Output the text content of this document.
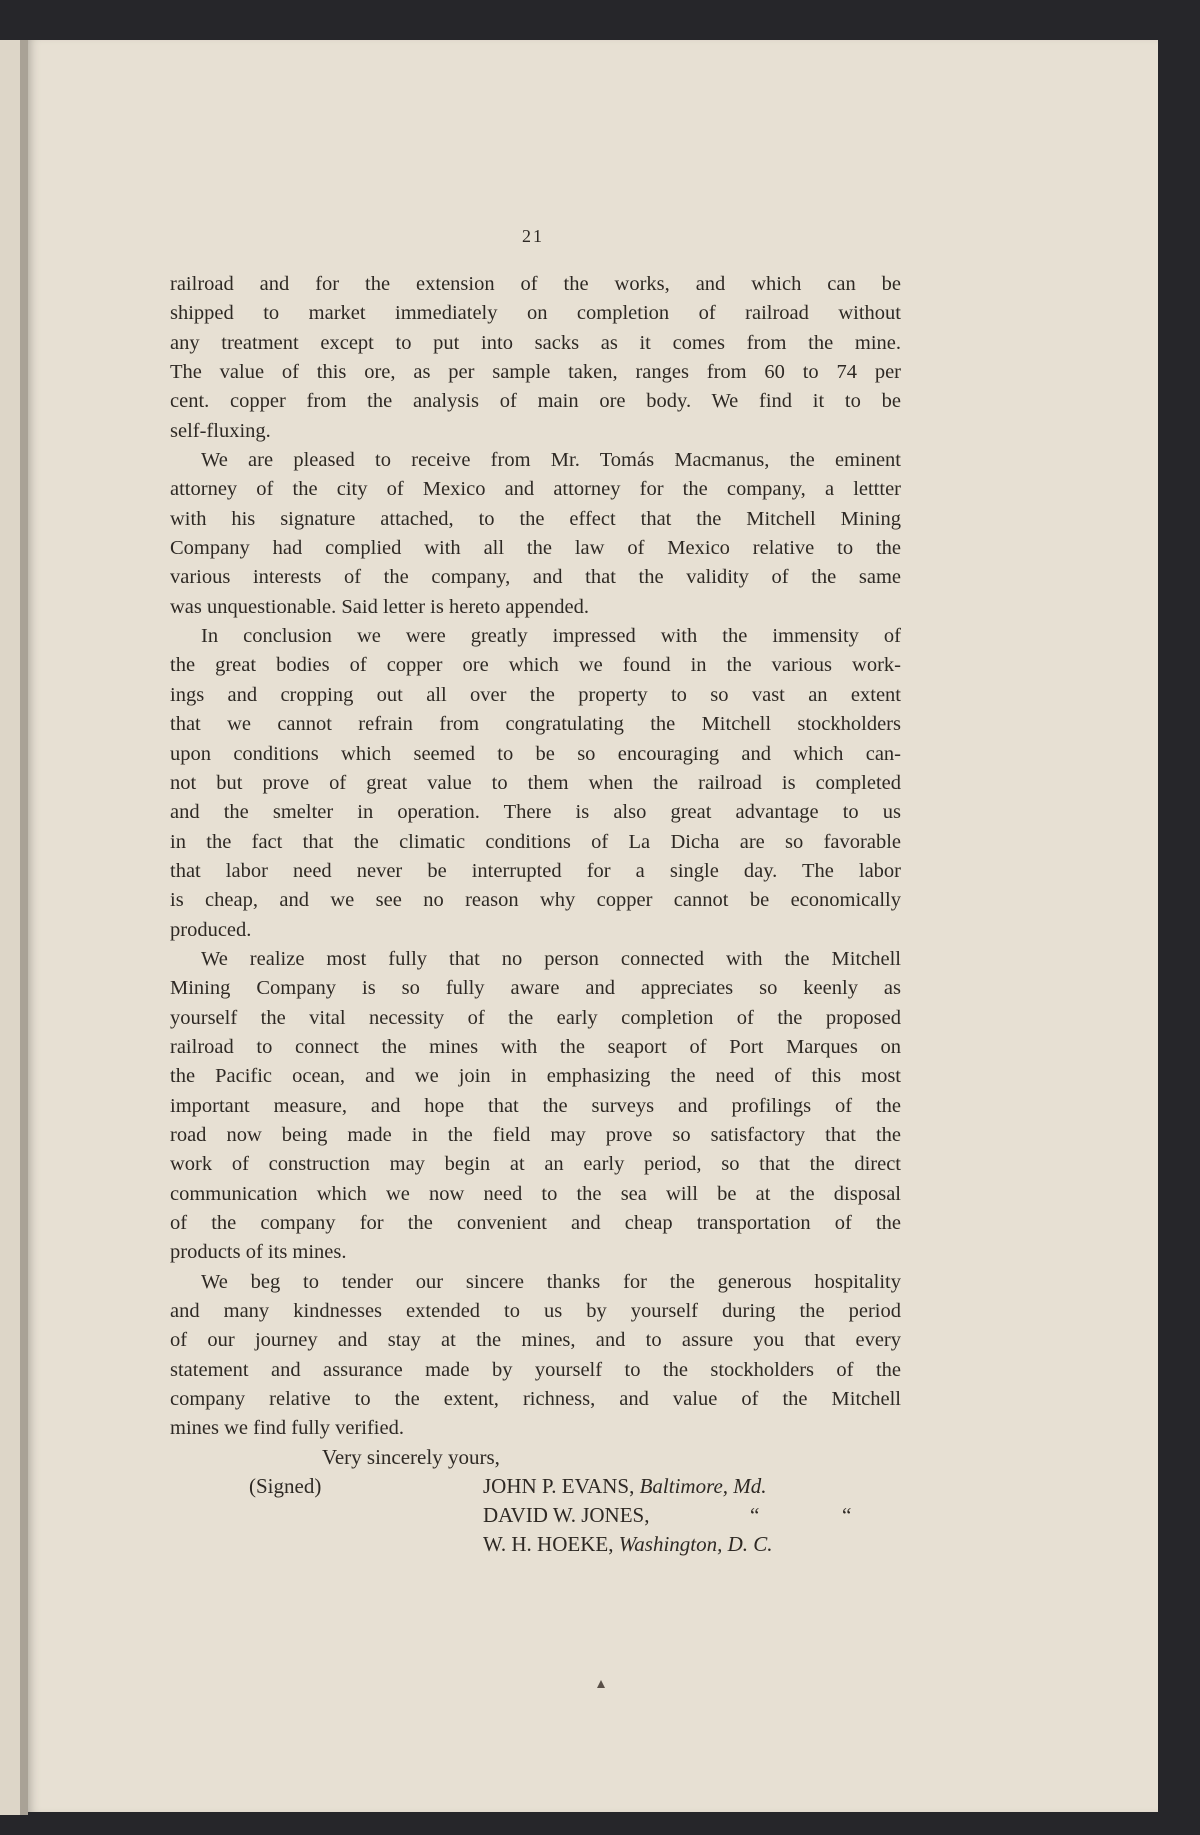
21
railroad and for the extension of the works, and which can be
shipped to market immediately on completion of railroad without
any treatment except to put into sacks as it comes from the mine.
The value of this ore, as per sample taken, ranges from 60 to 74 per
cent. copper from the analysis of main ore body. We find it to be
self-fluxing.
We are pleased to receive from Mr. Tomás Macmanus, the eminent
attorney of the city of Mexico and attorney for the company, a lettter
with his signature attached, to the effect that the Mitchell Mining
Company had complied with all the law of Mexico relative to the
various interests of the company, and that the validity of the same
was unquestionable. Said letter is hereto appended.
In conclusion we were greatly impressed with the immensity of
the great bodies of copper ore which we found in the various work-
ings and cropping out all over the property to so vast an extent
that we cannot refrain from congratulating the Mitchell stockholders
upon conditions which seemed to be so encouraging and which can-
not but prove of great value to them when the railroad is completed
and the smelter in operation. There is also great advantage to us
in the fact that the climatic conditions of La Dicha are so favorable
that labor need never be interrupted for a single day. The labor
is cheap, and we see no reason why copper cannot be economically
produced.
We realize most fully that no person connected with the Mitchell
Mining Company is so fully aware and appreciates so keenly as
yourself the vital necessity of the early completion of the proposed
railroad to connect the mines with the seaport of Port Marques on
the Pacific ocean, and we join in emphasizing the need of this most
important measure, and hope that the surveys and profilings of the
road now being made in the field may prove so satisfactory that the
work of construction may begin at an early period, so that the direct
communication which we now need to the sea will be at the disposal
of the company for the convenient and cheap transportation of the
products of its mines.
We beg to tender our sincere thanks for the generous hospitality
and many kindnesses extended to us by yourself during the period
of our journey and stay at the mines, and to assure you that every
statement and assurance made by yourself to the stockholders of the
company relative to the extent, richness, and value of the Mitchell
mines we find fully verified.
Very sincerely yours,
(Signed)	JOHN P. EVANS, Baltimore, Md.
DAVID W. JONES,	“	“
W. H. HOEKE, Washington, D. C.
